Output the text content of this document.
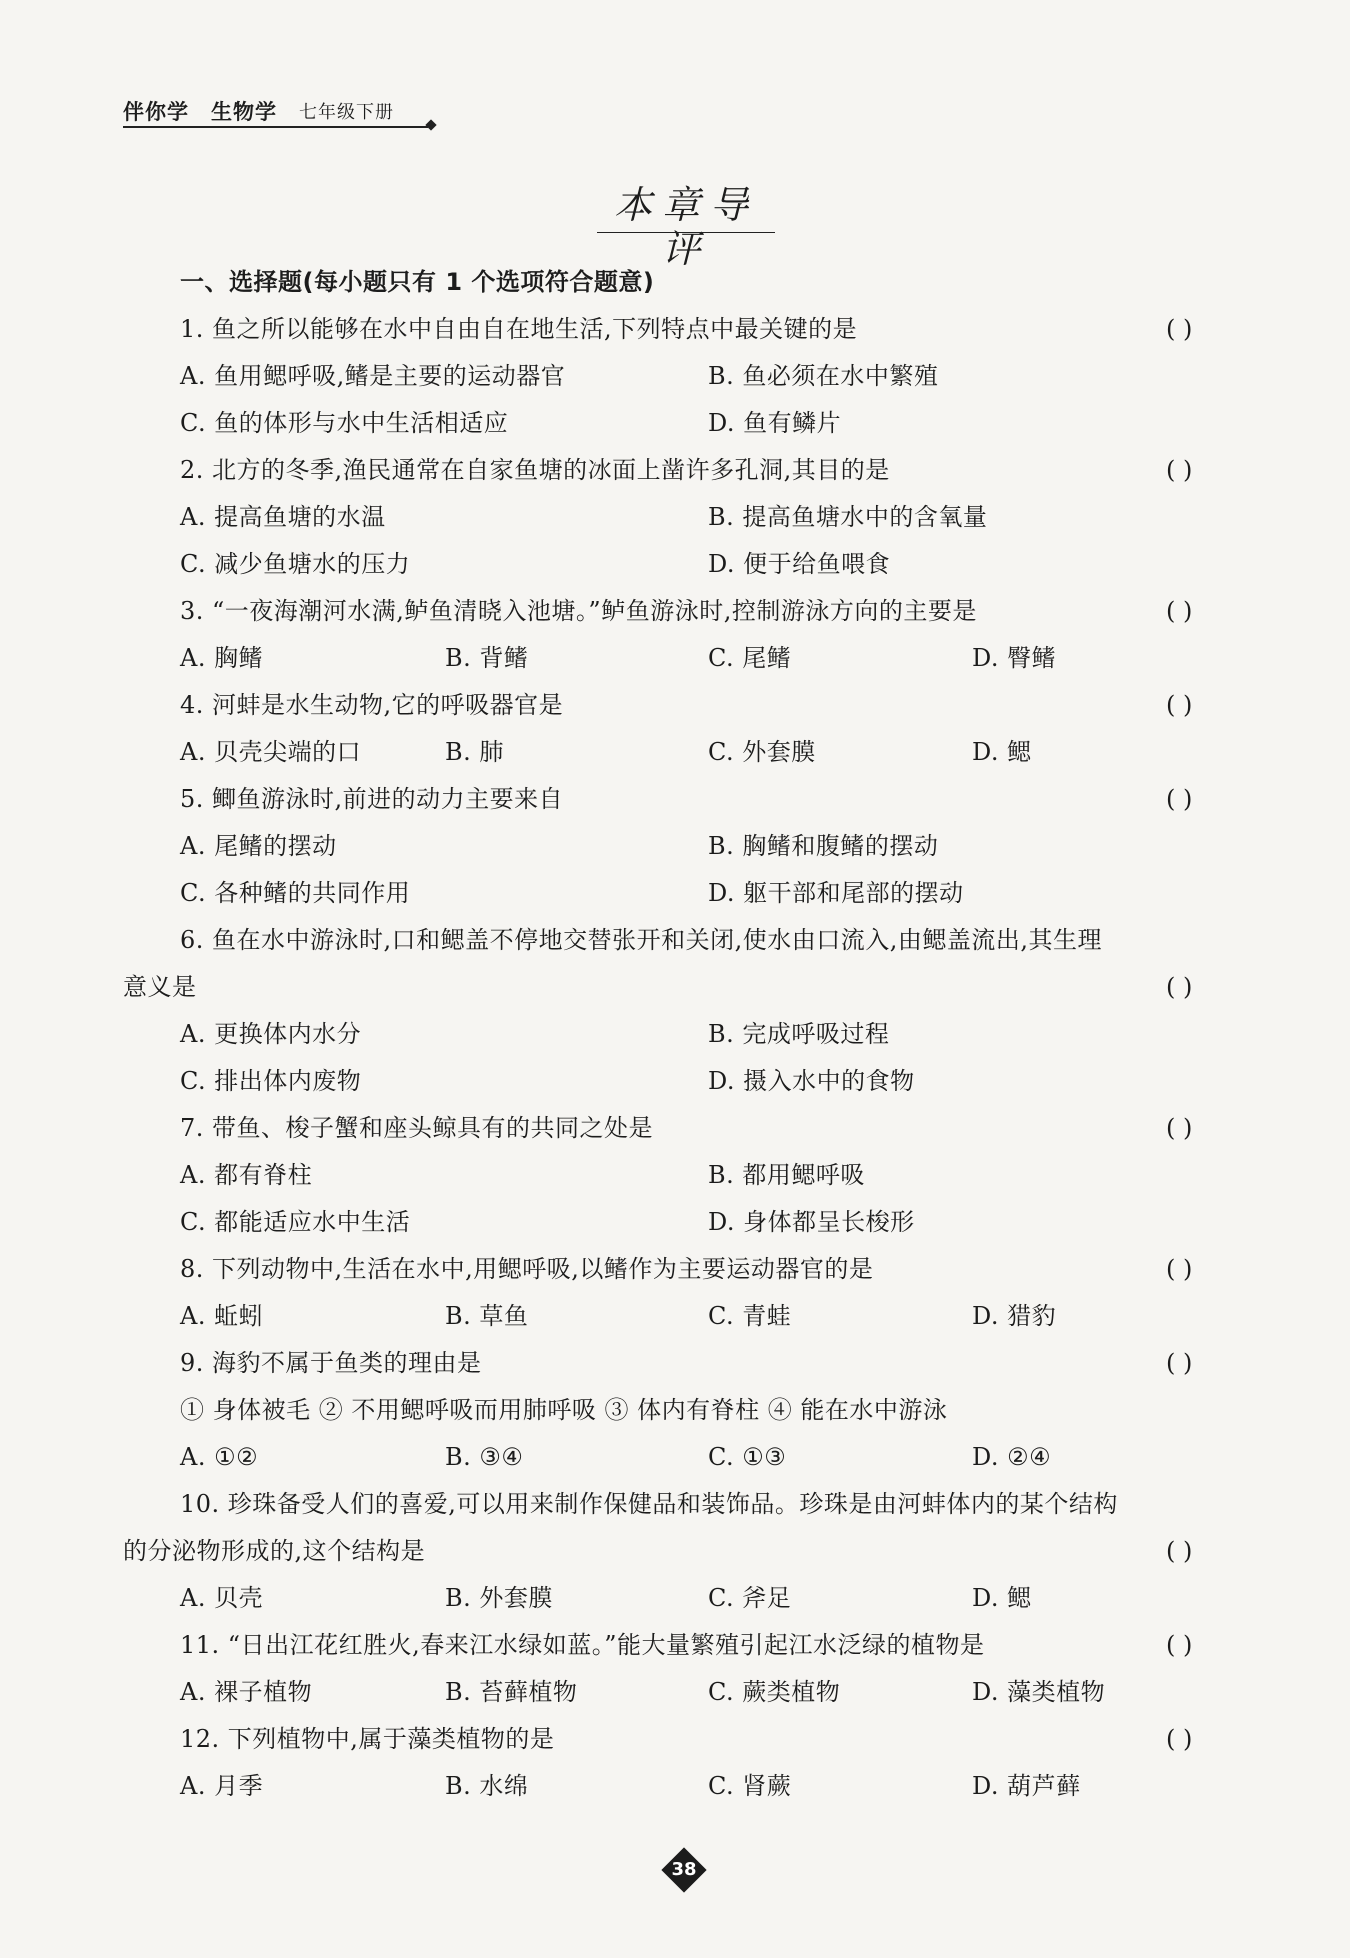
伴你学 生物学 七年级下册
本章导评
一、选择题(每小题只有 1 个选项符合题意)
1. 鱼之所以能够在水中自由自在地生活,下列特点中最关键的是	( )
A. 鱼用鳃呼吸,鳍是主要的运动器官	B. 鱼必须在水中繁殖
C. 鱼的体形与水中生活相适应	D. 鱼有鳞片
2. 北方的冬季,渔民通常在自家鱼塘的冰面上凿许多孔洞,其目的是	( )
A. 提高鱼塘的水温	B. 提高鱼塘水中的含氧量
C. 减少鱼塘水的压力	D. 便于给鱼喂食
3. “一夜海潮河水满,鲈鱼清晓入池塘。”鲈鱼游泳时,控制游泳方向的主要是	( )
A. 胸鳍	B. 背鳍	C. 尾鳍	D. 臀鳍
4. 河蚌是水生动物,它的呼吸器官是	( )
A. 贝壳尖端的口	B. 肺	C. 外套膜	D. 鳃
5. 鲫鱼游泳时,前进的动力主要来自	( )
A. 尾鳍的摆动	B. 胸鳍和腹鳍的摆动
C. 各种鳍的共同作用	D. 躯干部和尾部的摆动
6. 鱼在水中游泳时,口和鳃盖不停地交替张开和关闭,使水由口流入,由鳃盖流出,其生理
意义是	( )
A. 更换体内水分	B. 完成呼吸过程
C. 排出体内废物	D. 摄入水中的食物
7. 带鱼、梭子蟹和座头鲸具有的共同之处是	( )
A. 都有脊柱	B. 都用鳃呼吸
C. 都能适应水中生活	D. 身体都呈长梭形
8. 下列动物中,生活在水中,用鳃呼吸,以鳍作为主要运动器官的是	( )
A. 蚯蚓	B. 草鱼	C. 青蛙	D. 猎豹
9. 海豹不属于鱼类的理由是	( )
① 身体被毛 ② 不用鳃呼吸而用肺呼吸 ③ 体内有脊柱 ④ 能在水中游泳
A. ①②	B. ③④	C. ①③	D. ②④
10. 珍珠备受人们的喜爱,可以用来制作保健品和装饰品。珍珠是由河蚌体内的某个结构
的分泌物形成的,这个结构是	( )
A. 贝壳	B. 外套膜	C. 斧足	D. 鳃
11. “日出江花红胜火,春来江水绿如蓝。”能大量繁殖引起江水泛绿的植物是	( )
A. 裸子植物	B. 苔藓植物	C. 蕨类植物	D. 藻类植物
12. 下列植物中,属于藻类植物的是	( )
A. 月季	B. 水绵	C. 肾蕨	D. 葫芦藓
38
